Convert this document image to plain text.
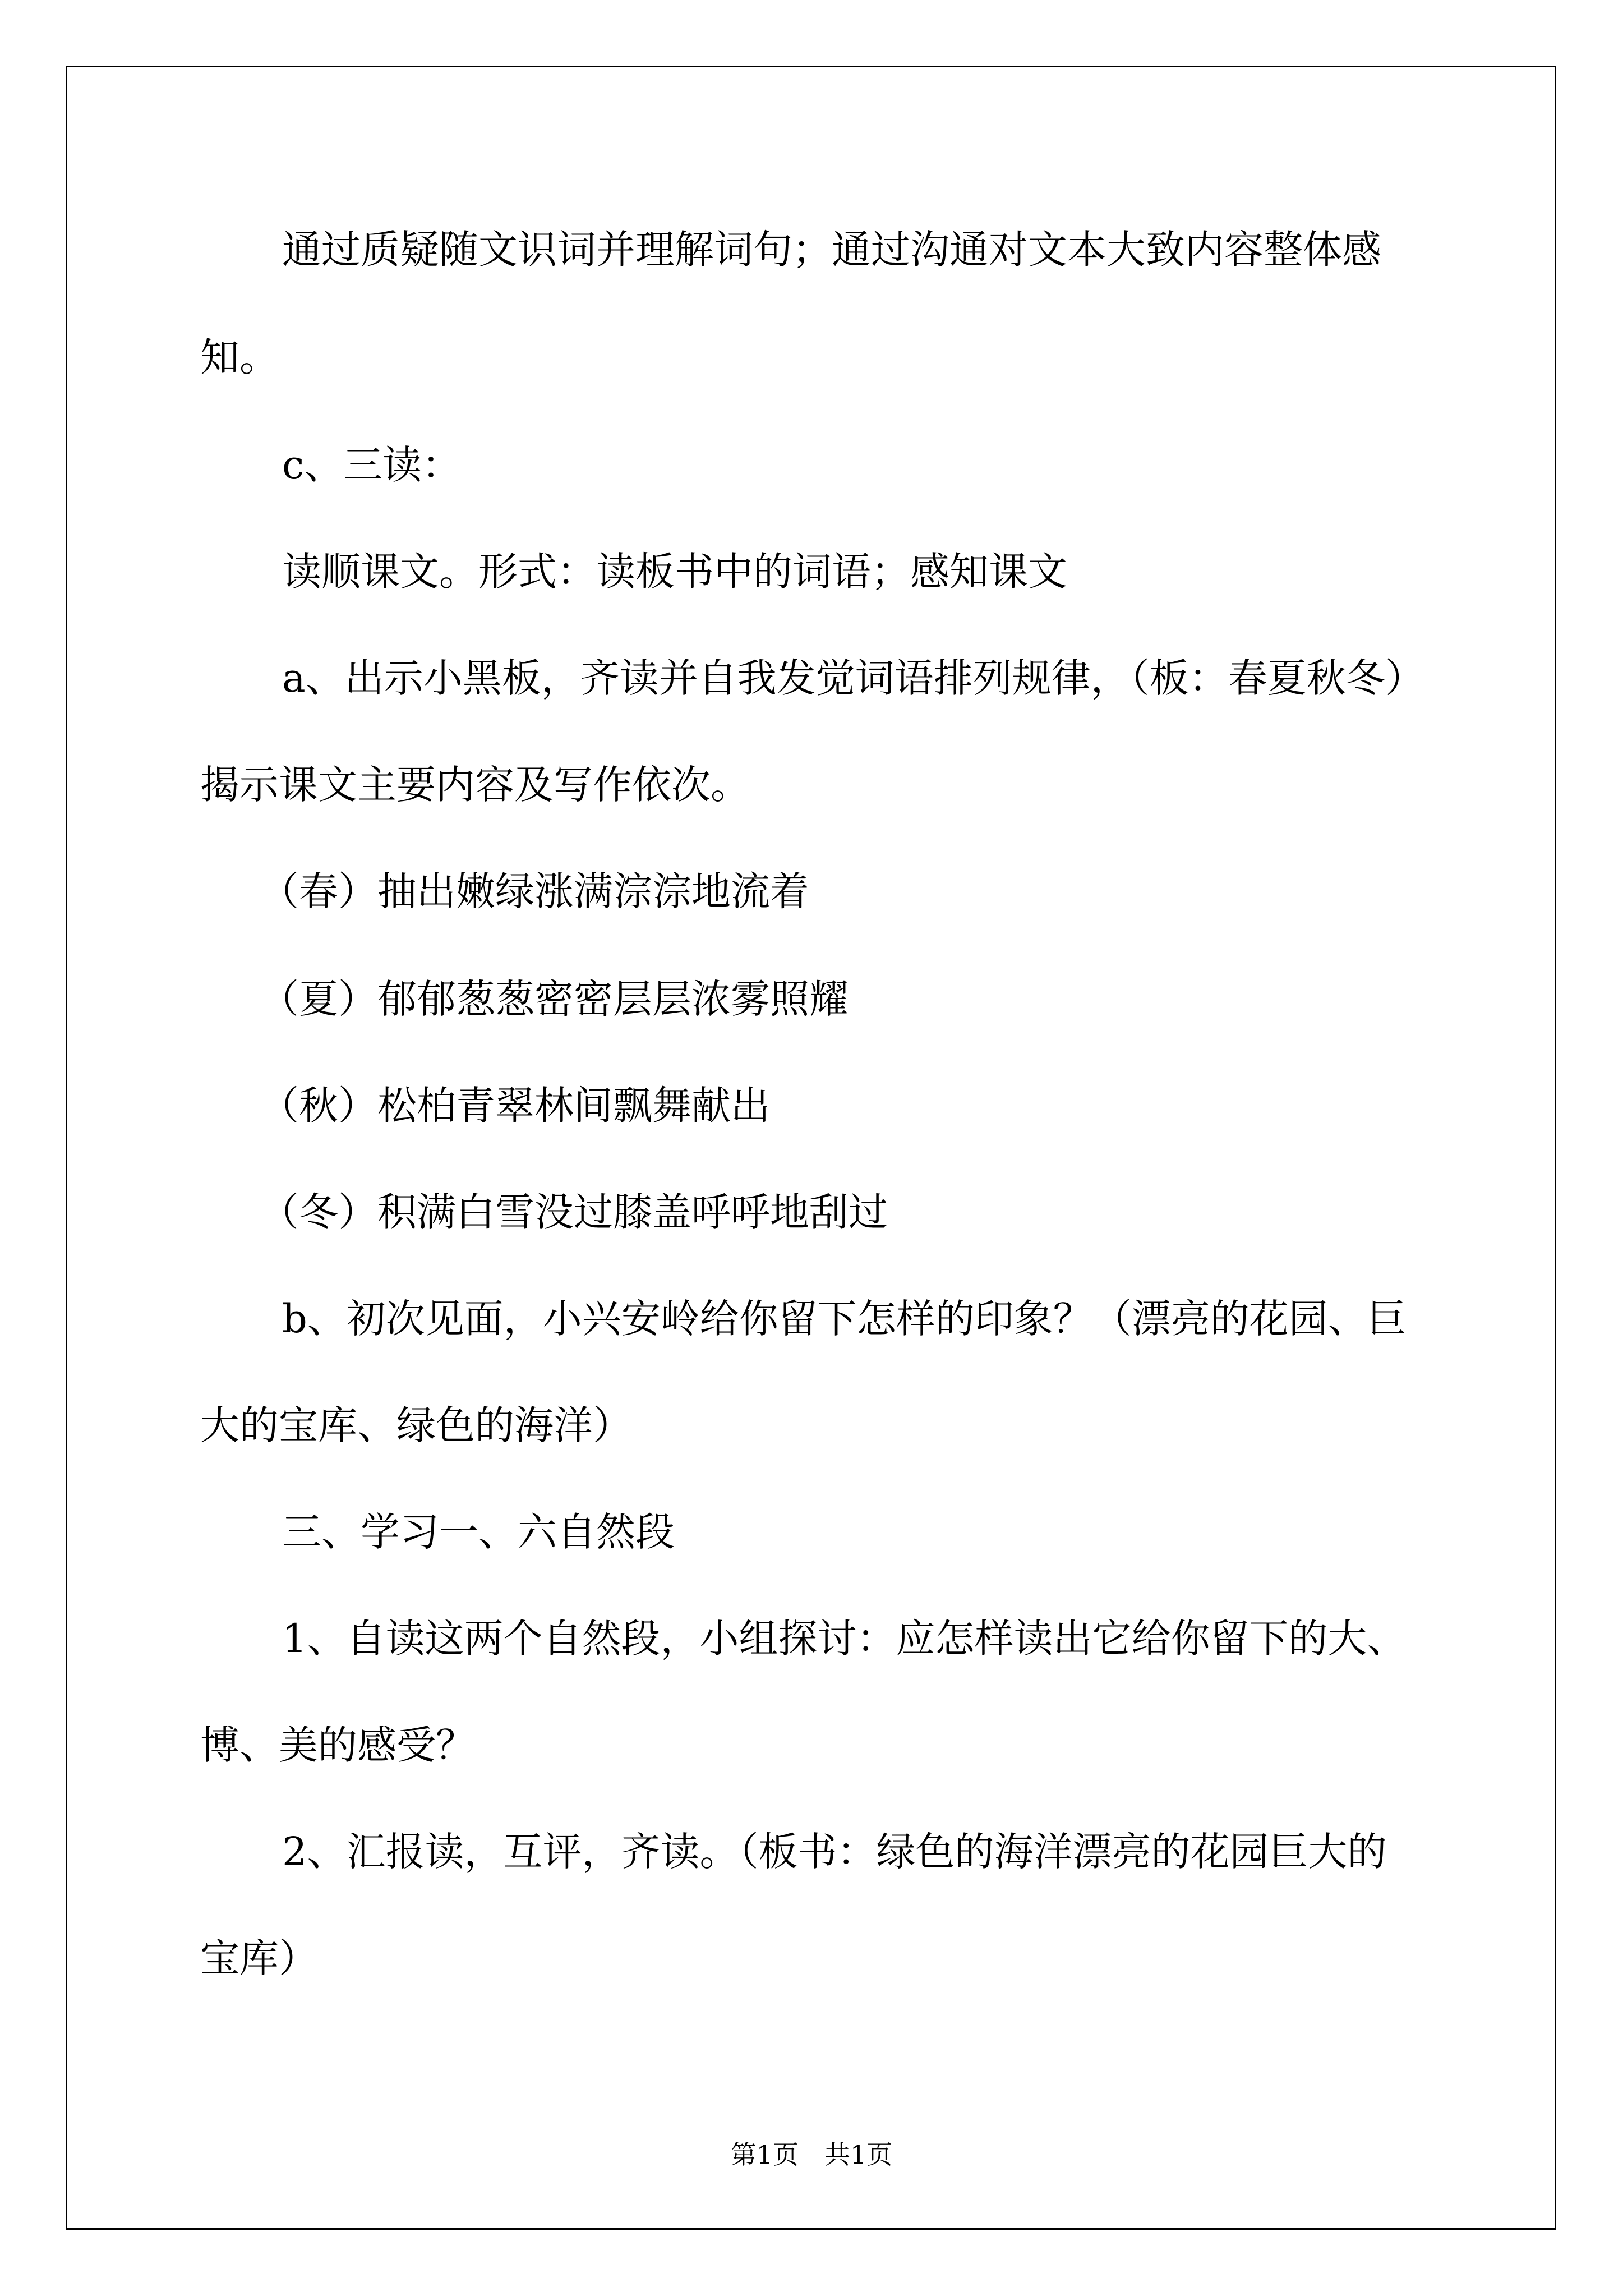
通过质疑随文识词并理解词句；通过沟通对文本大致内容整体感
知。
c、三读：
读顺课文。形式：读板书中的词语；感知课文
a、出示小黑板，齐读并自我发觉词语排列规律，（板：春夏秋冬）
揭示课文主要内容及写作依次。
（春）抽出嫩绿涨满淙淙地流着
（夏）郁郁葱葱密密层层浓雾照耀
（秋）松柏青翠林间飘舞献出
（冬）积满白雪没过膝盖呼呼地刮过
b、初次见面，小兴安岭给你留下怎样的印象？（漂亮的花园、巨
大的宝库、绿色的海洋）
三、学习一、六自然段
1、自读这两个自然段，小组探讨：应怎样读出它给你留下的大、
博、美的感受？
2、汇报读，互评，齐读。（板书：绿色的海洋漂亮的花园巨大的
宝库）
第1页　共1页
